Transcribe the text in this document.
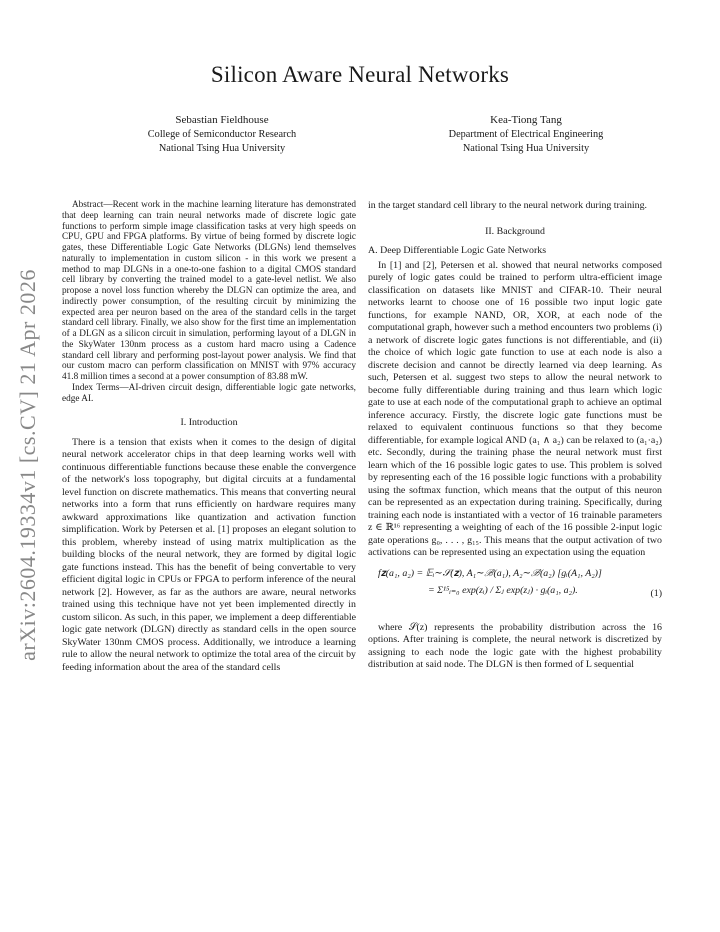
Silicon Aware Neural Networks
Sebastian Fieldhouse
College of Semiconductor Research
National Tsing Hua University
Kea-Tiong Tang
Department of Electrical Engineering
National Tsing Hua University
arXiv:2604.19334v1 [cs.CV] 21 Apr 2026

Abstract—Recent work in the machine learning literature has demonstrated that deep learning can train neural networks made of discrete logic gate functions to perform simple image classification tasks at very high speeds on CPU, GPU and FPGA platforms. By virtue of being formed by discrete logic gates, these Differentiable Logic Gate Networks (DLGNs) lend themselves naturally to implementation in custom silicon - in this work we present a method to map DLGNs in a one-to-one fashion to a digital CMOS standard cell library by converting the trained model to a gate-level netlist. We also propose a novel loss function whereby the DLGN can optimize the area, and indirectly power consumption, of the resulting circuit by minimizing the expected area per neuron based on the area of the standard cells in the target standard cell library. Finally, we also show for the first time an implementation of a DLGN as a silicon circuit in simulation, performing layout of a DLGN in the SkyWater 130nm process as a custom hard macro using a Cadence standard cell library and performing post-layout power analysis. We find that our custom macro can perform classification on MNIST with 97% accuracy 41.8 million times a second at a power consumption of 83.88 mW.

Index Terms—AI-driven circuit design, differentiable logic gate networks, edge AI.

I. Introduction

There is a tension that exists when it comes to the design of digital neural network accelerator chips in that deep learning works well with continuous differentiable functions because these enable the convergence of the network's loss topography, but digital circuits at a fundamental level function on discrete mathematics. This means that converting neural networks into a form that runs efficiently on hardware requires many awkward approximations like quantization and activation function simplification. Work by Petersen et al. [1] proposes an elegant solution to this problem, whereby instead of using matrix multiplication as the building blocks of the neural network, they are formed by digital logic gate functions instead. This has the benefit of being convertable to very efficient digital logic in CPUs or FPGA to perform inference of the neural network [2]. However, as far as the authors are aware, neural networks trained using this technique have not yet been implemented directly in custom silicon. As such, in this paper, we implement a deep differentiable logic gate network (DLGN) directly as standard cells in the open source SkyWater 130nm CMOS process. Additionally, we introduce a learning rule to allow the neural network to optimize the total area of the circuit by feeding information about the area of the standard cells

in the target standard cell library to the neural network during training.

II. Background
A. Deep Differentiable Logic Gate Networks

In [1] and [2], Petersen et al. showed that neural networks composed purely of logic gates could be trained to perform ultra-efficient image classification on datasets like MNIST and CIFAR-10. Their neural networks learnt to choose one of 16 possible two input logic gate functions, for example NAND, OR, XOR, at each node of the computational graph, however such a method encounters two problems (i) a network of discrete logic gates functions is not differentiable, and (ii) the choice of which logic gate function to use at each node is also a discrete decision and cannot be directly learned via deep learning. As such, Petersen et al. suggest two steps to allow the neural network to become fully differentiable during training and thus learn which logic gate to use at each node of the computational graph to achieve an optimal inference accuracy. Firstly, the discrete logic gate functions must be relaxed to equivalent continuous functions so that they become differentiable, for example logical AND (a₁ ∧ a₂) can be relaxed to (a₁·a₂) etc. Secondly, during the training phase the neural network must first learn which of the 16 possible logic gates to use. This problem is solved by representing each of the 16 possible logic functions with a probability using the softmax function, which means that the output of this neuron can be represented as an expectation during training. Specifically, during training each node is instantiated with a vector of 16 trainable parameters z ∈ ℝ¹⁶ representing a weighting of each of the 16 possible 2-input logic gate operations g₀, . . . , g₁₅. This means that the output activation of two activations can be represented using an expectation using the equation

f𝐳(a₁, a₂) = 𝔼ᵢ∼𝒮(𝐳), A₁∼ℬ(a₁), A₂∼ℬ(a₂) [gᵢ(A₁, A₂)]
= Σ¹⁵ᵢ₌₀ exp(zᵢ) / Σⱼ exp(zⱼ) · gᵢ(a₁, a₂).	(1)

where 𝒮(z) represents the probability distribution across the 16 options. After training is complete, the neural network is discretized by assigning to each node the logic gate with the highest probability distribution at said node. The DLGN is then formed of L sequential
